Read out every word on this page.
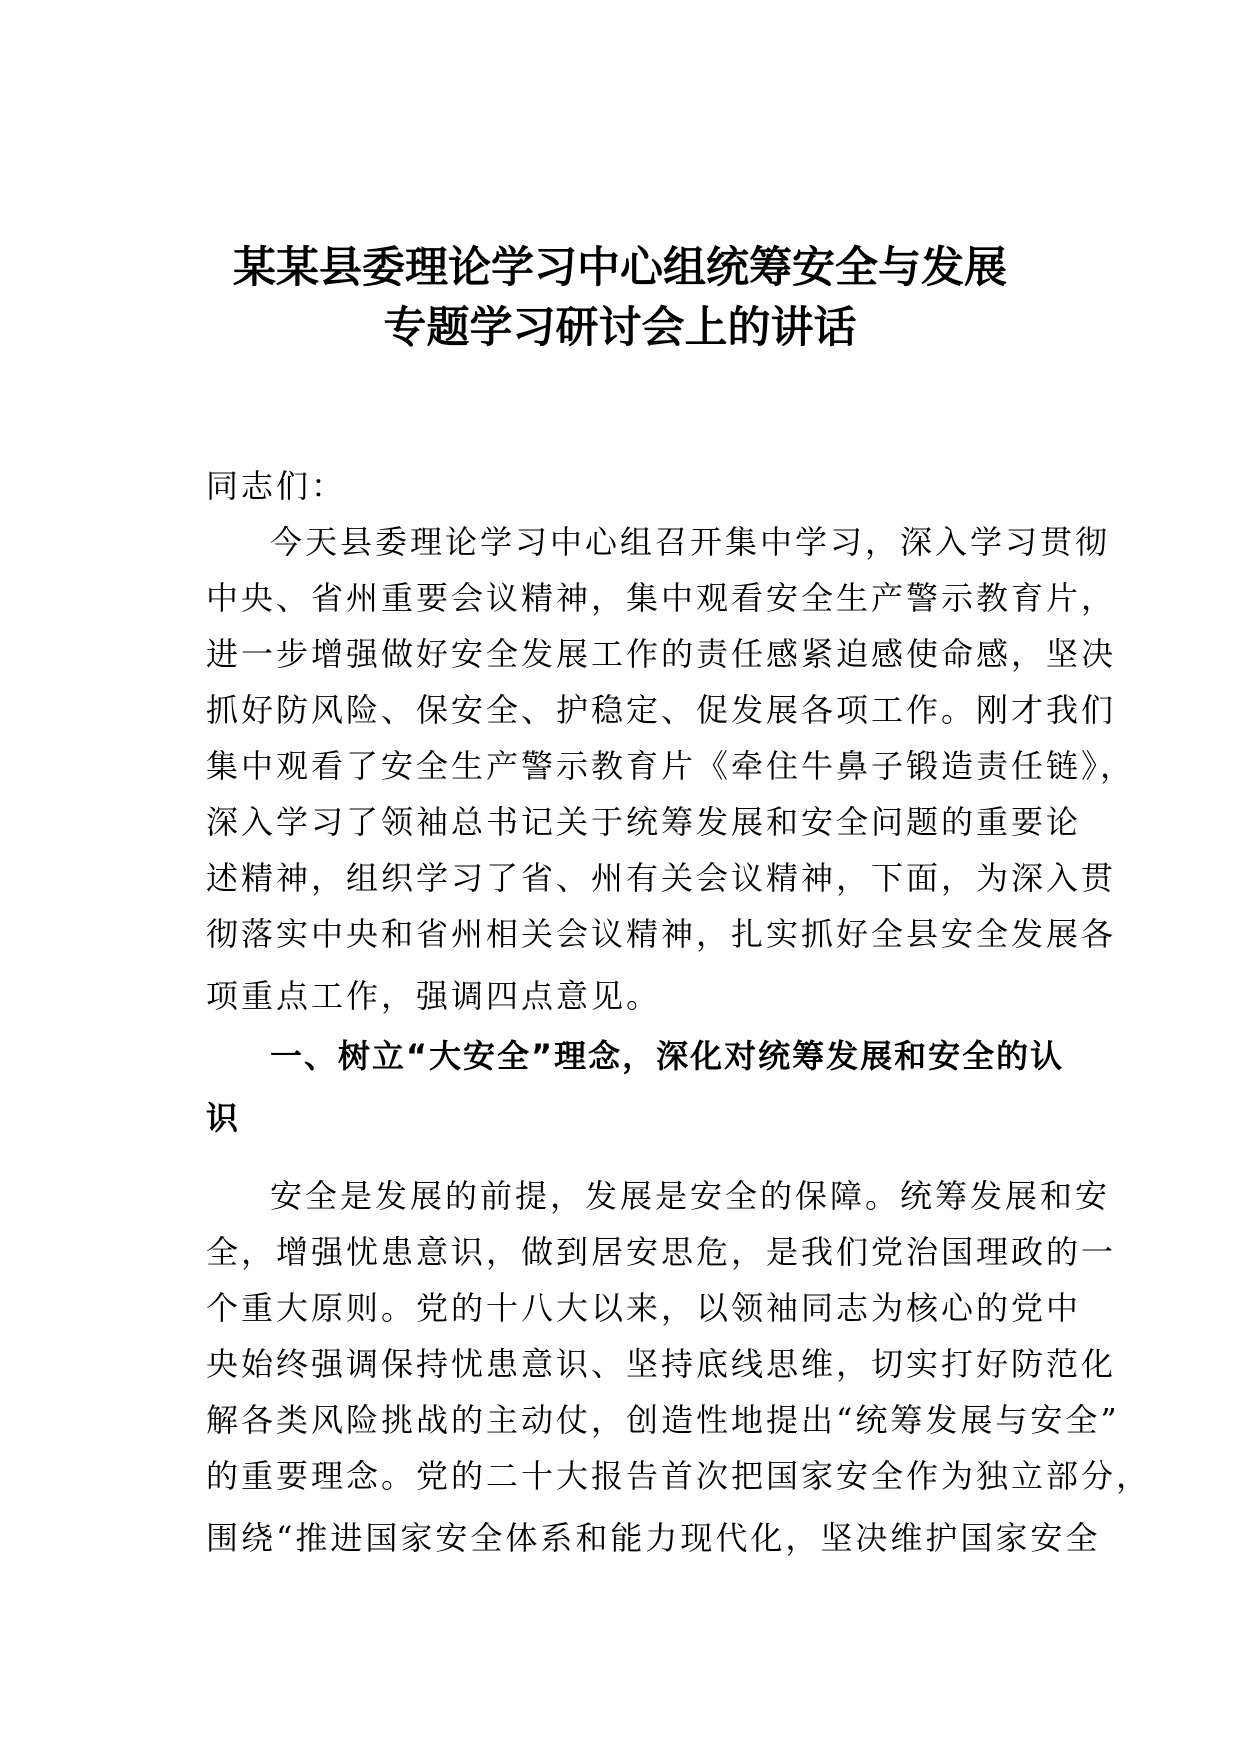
某某县委理论学习中心组统筹安全与发展
专题学习研讨会上的讲话
同志们：
今天县委理论学习中心组召开集中学习，深入学习贯彻
中央、省州重要会议精神，集中观看安全生产警示教育片，
进一步增强做好安全发展工作的责任感紧迫感使命感，坚决
抓好防风险、保安全、护稳定、促发展各项工作。刚才我们
集中观看了安全生产警示教育片《牵住牛鼻子锻造责任链》，
深入学习了领袖总书记关于统筹发展和安全问题的重要论
述精神，组织学习了省、州有关会议精神，下面，为深入贯
彻落实中央和省州相关会议精神，扎实抓好全县安全发展各
项重点工作，强调四点意见。
一、树立“大安全”理念，深化对统筹发展和安全的认
识
安全是发展的前提，发展是安全的保障。统筹发展和安
全，增强忧患意识，做到居安思危，是我们党治国理政的一
个重大原则。党的十八大以来，以领袖同志为核心的党中
央始终强调保持忧患意识、坚持底线思维，切实打好防范化
解各类风险挑战的主动仗，创造性地提出“统筹发展与安全”
的重要理念。党的二十大报告首次把国家安全作为独立部分，
围绕“推进国家安全体系和能力现代化，坚决维护国家安全
